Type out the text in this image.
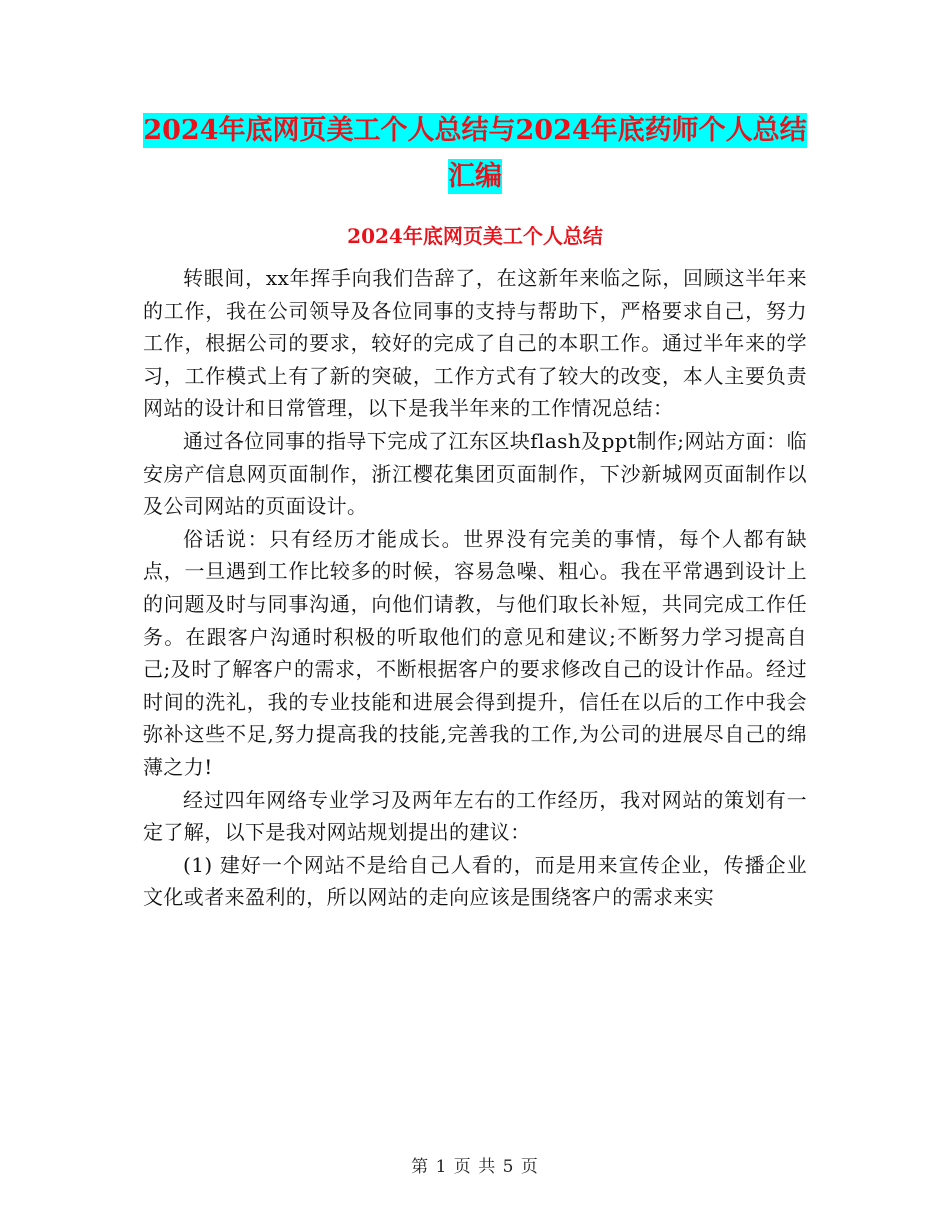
2024年底网页美工个人总结与2024年底药师个人总结
汇编
2024年底网页美工个人总结

转眼间，xx年挥手向我们告辞了，在这新年来临之际，回顾这半年来的工作，我在公司领导及各位同事的支持与帮助下，严格要求自己，努力工作，根据公司的要求，较好的完成了自己的本职工作。通过半年来的学习，工作模式上有了新的突破，工作方式有了较大的改变，本人主要负责网站的设计和日常管理，以下是我半年来的工作情况总结：

通过各位同事的指导下完成了江东区块flash及ppt制作;网站方面：临安房产信息网页面制作，浙江樱花集团页面制作，下沙新城网页面制作以及公司网站的页面设计。

俗话说：只有经历才能成长。世界没有完美的事情，每个人都有缺点，一旦遇到工作比较多的时候，容易急噪、粗心。我在平常遇到设计上的问题及时与同事沟通，向他们请教，与他们取长补短，共同完成工作任务。在跟客户沟通时积极的听取他们的意见和建议;不断努力学习提高自己;及时了解客户的需求，不断根据客户的要求修改自己的设计作品。经过时间的洗礼，我的专业技能和进展会得到提升，信任在以后的工作中我会弥补这些不足,努力提高我的技能,完善我的工作,为公司的进展尽自己的绵薄之力!

经过四年网络专业学习及两年左右的工作经历，我对网站的策划有一定了解，以下是我对网站规划提出的建议：

(1) 建好一个网站不是给自己人看的，而是用来宣传企业，传播企业文化或者来盈利的，所以网站的走向应该是围绕客户的需求来实

第 1 页 共 5 页
